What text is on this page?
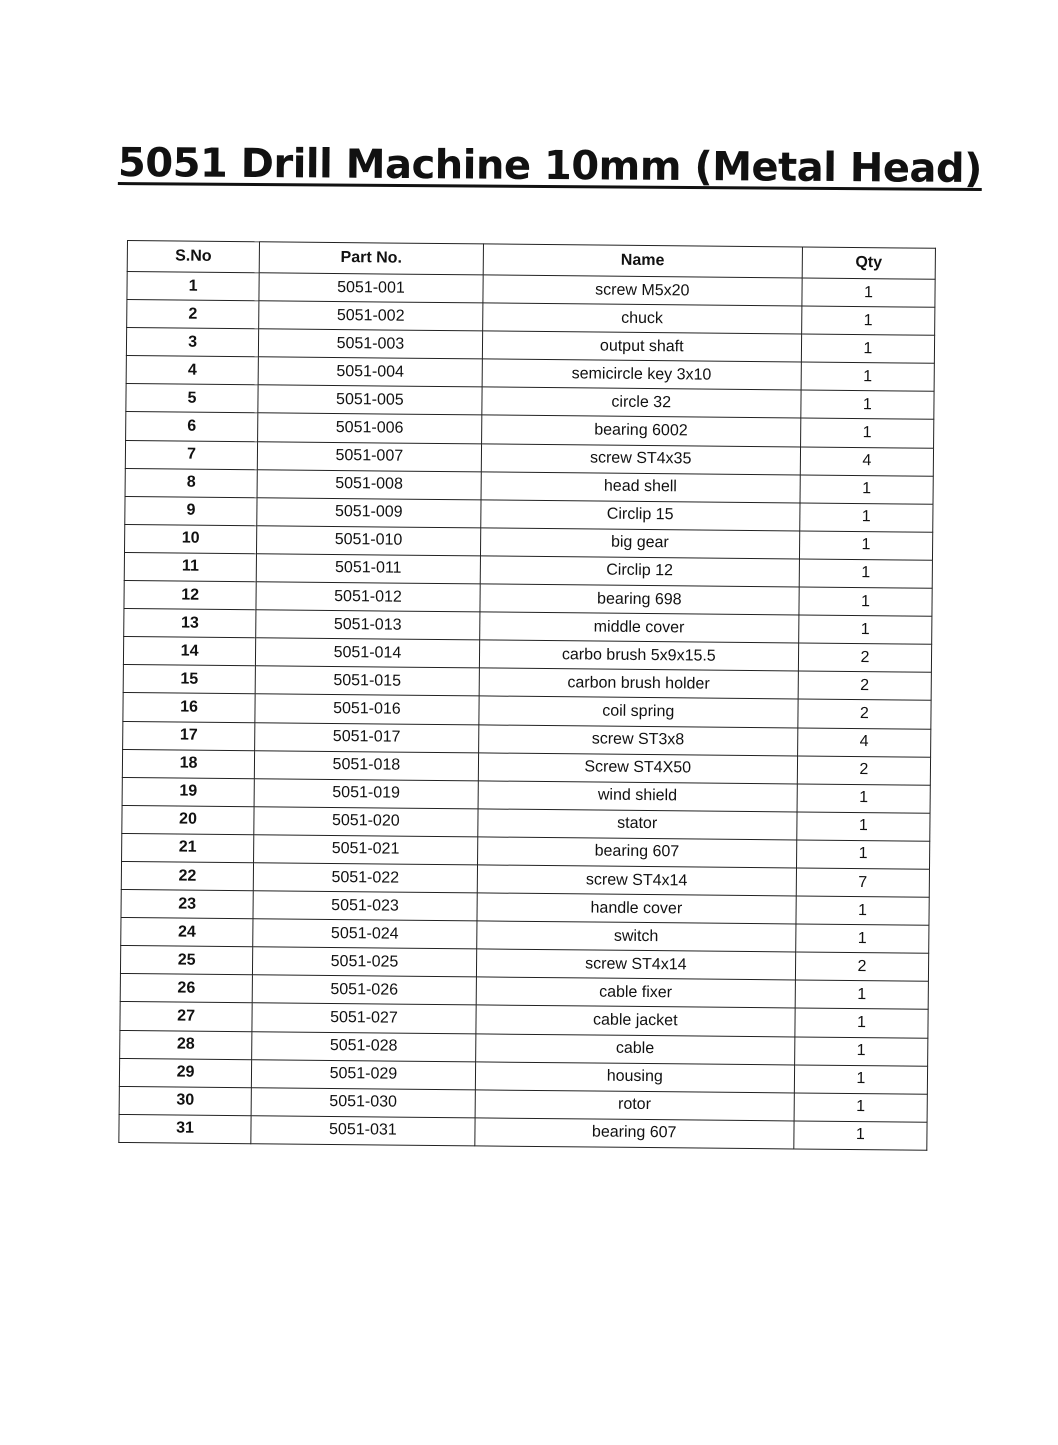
5051 Drill Machine 10mm (Metal Head)
S.No	Part No.	Name	Qty
1	5051-001	screw M5x20	1
2	5051-002	chuck	1
3	5051-003	output shaft	1
4	5051-004	semicircle key 3x10	1
5	5051-005	circle 32	1
6	5051-006	bearing 6002	1
7	5051-007	screw ST4x35	4
8	5051-008	head shell	1
9	5051-009	Circlip 15	1
10	5051-010	big gear	1
11	5051-011	Circlip 12	1
12	5051-012	bearing 698	1
13	5051-013	middle cover	1
14	5051-014	carbo brush 5x9x15.5	2
15	5051-015	carbon brush holder	2
16	5051-016	coil spring	2
17	5051-017	screw ST3x8	4
18	5051-018	Screw ST4X50	2
19	5051-019	wind shield	1
20	5051-020	stator	1
21	5051-021	bearing 607	1
22	5051-022	screw ST4x14	7
23	5051-023	handle cover	1
24	5051-024	switch	1
25	5051-025	screw ST4x14	2
26	5051-026	cable fixer	1
27	5051-027	cable jacket	1
28	5051-028	cable	1
29	5051-029	housing	1
30	5051-030	rotor	1
31	5051-031	bearing 607	1
